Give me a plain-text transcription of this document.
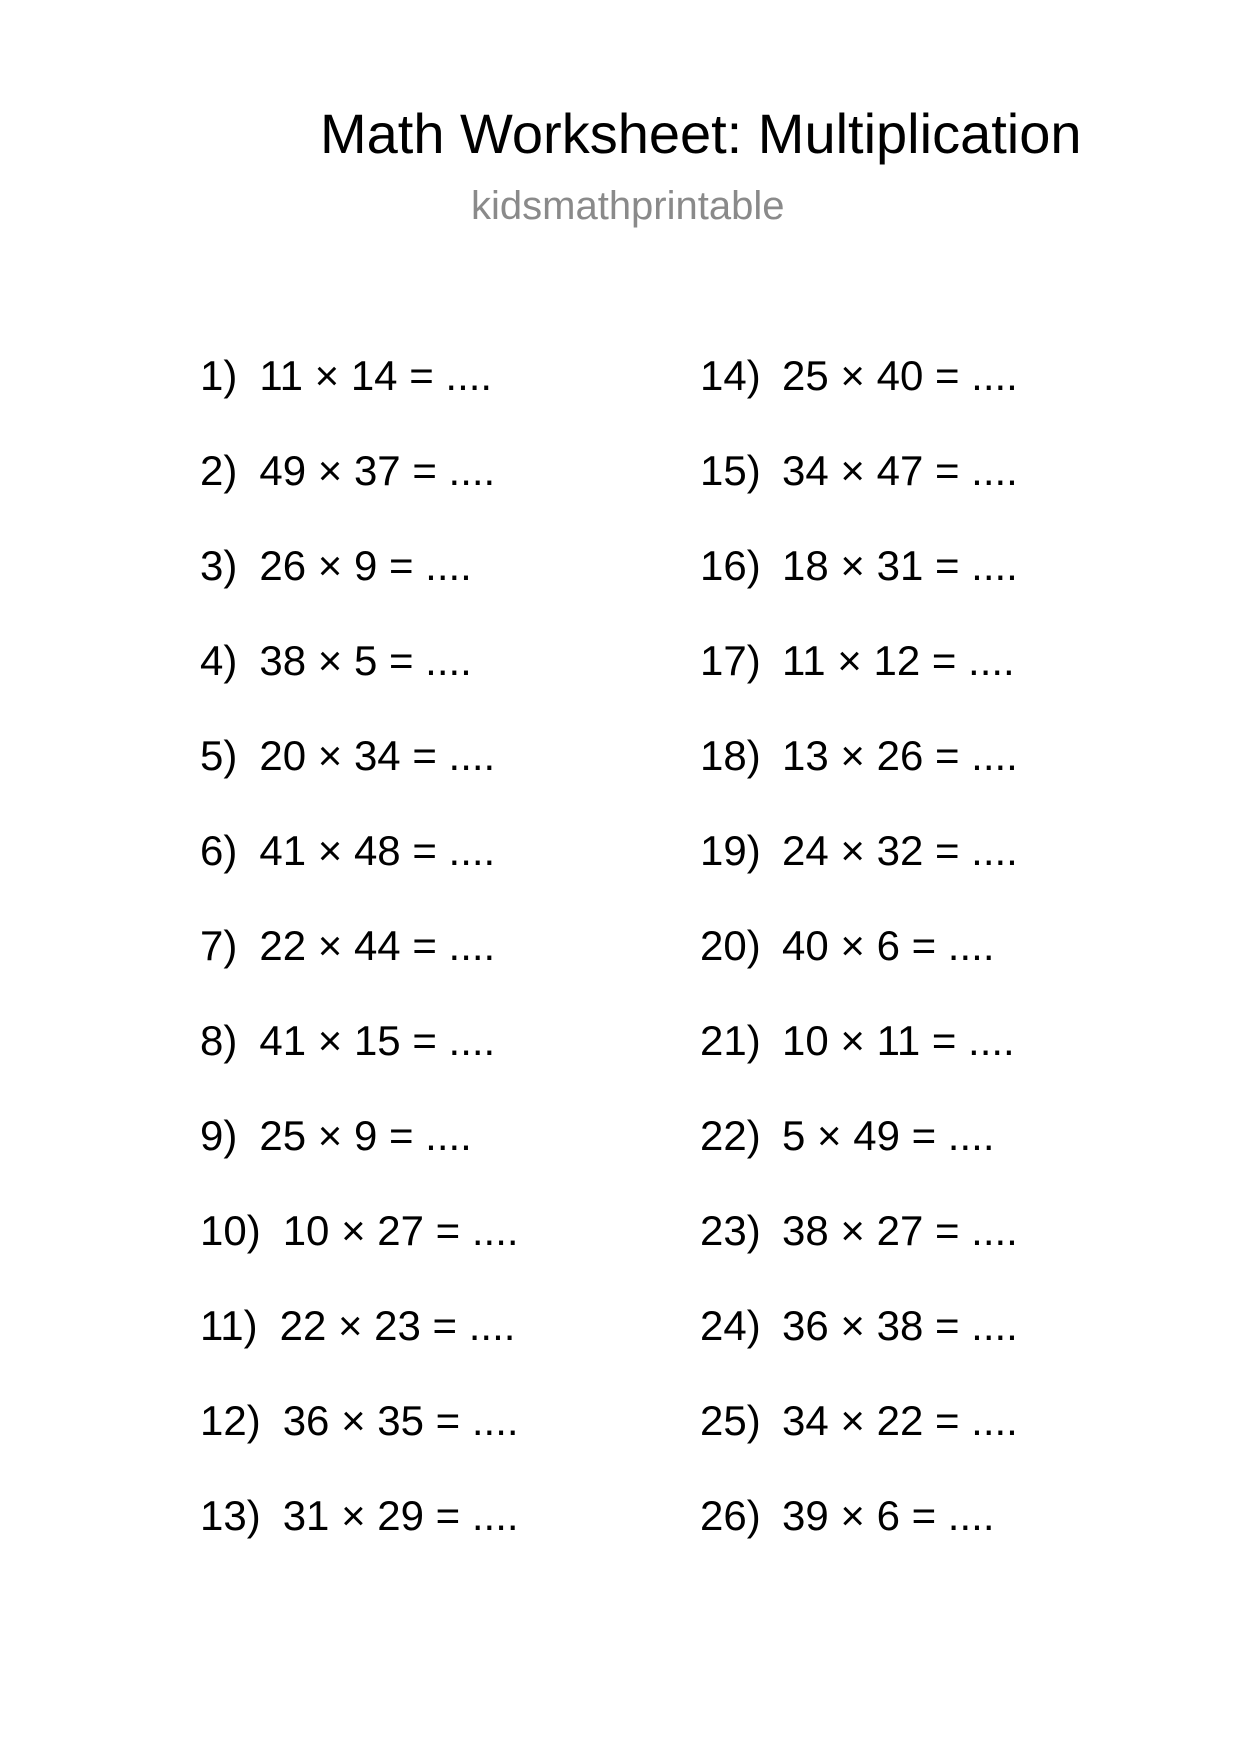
Math Worksheet: Multiplication
kidsmathprintable
1) 11 × 14 = ....
2) 49 × 37 = ....
3) 26 × 9 = ....
4) 38 × 5 = ....
5) 20 × 34 = ....
6) 41 × 48 = ....
7) 22 × 44 = ....
8) 41 × 15 = ....
9) 25 × 9 = ....
10) 10 × 27 = ....
11) 22 × 23 = ....
12) 36 × 35 = ....
13) 31 × 29 = ....
14) 25 × 40 = ....
15) 34 × 47 = ....
16) 18 × 31 = ....
17) 11 × 12 = ....
18) 13 × 26 = ....
19) 24 × 32 = ....
20) 40 × 6 = ....
21) 10 × 11 = ....
22) 5 × 49 = ....
23) 38 × 27 = ....
24) 36 × 38 = ....
25) 34 × 22 = ....
26) 39 × 6 = ....
